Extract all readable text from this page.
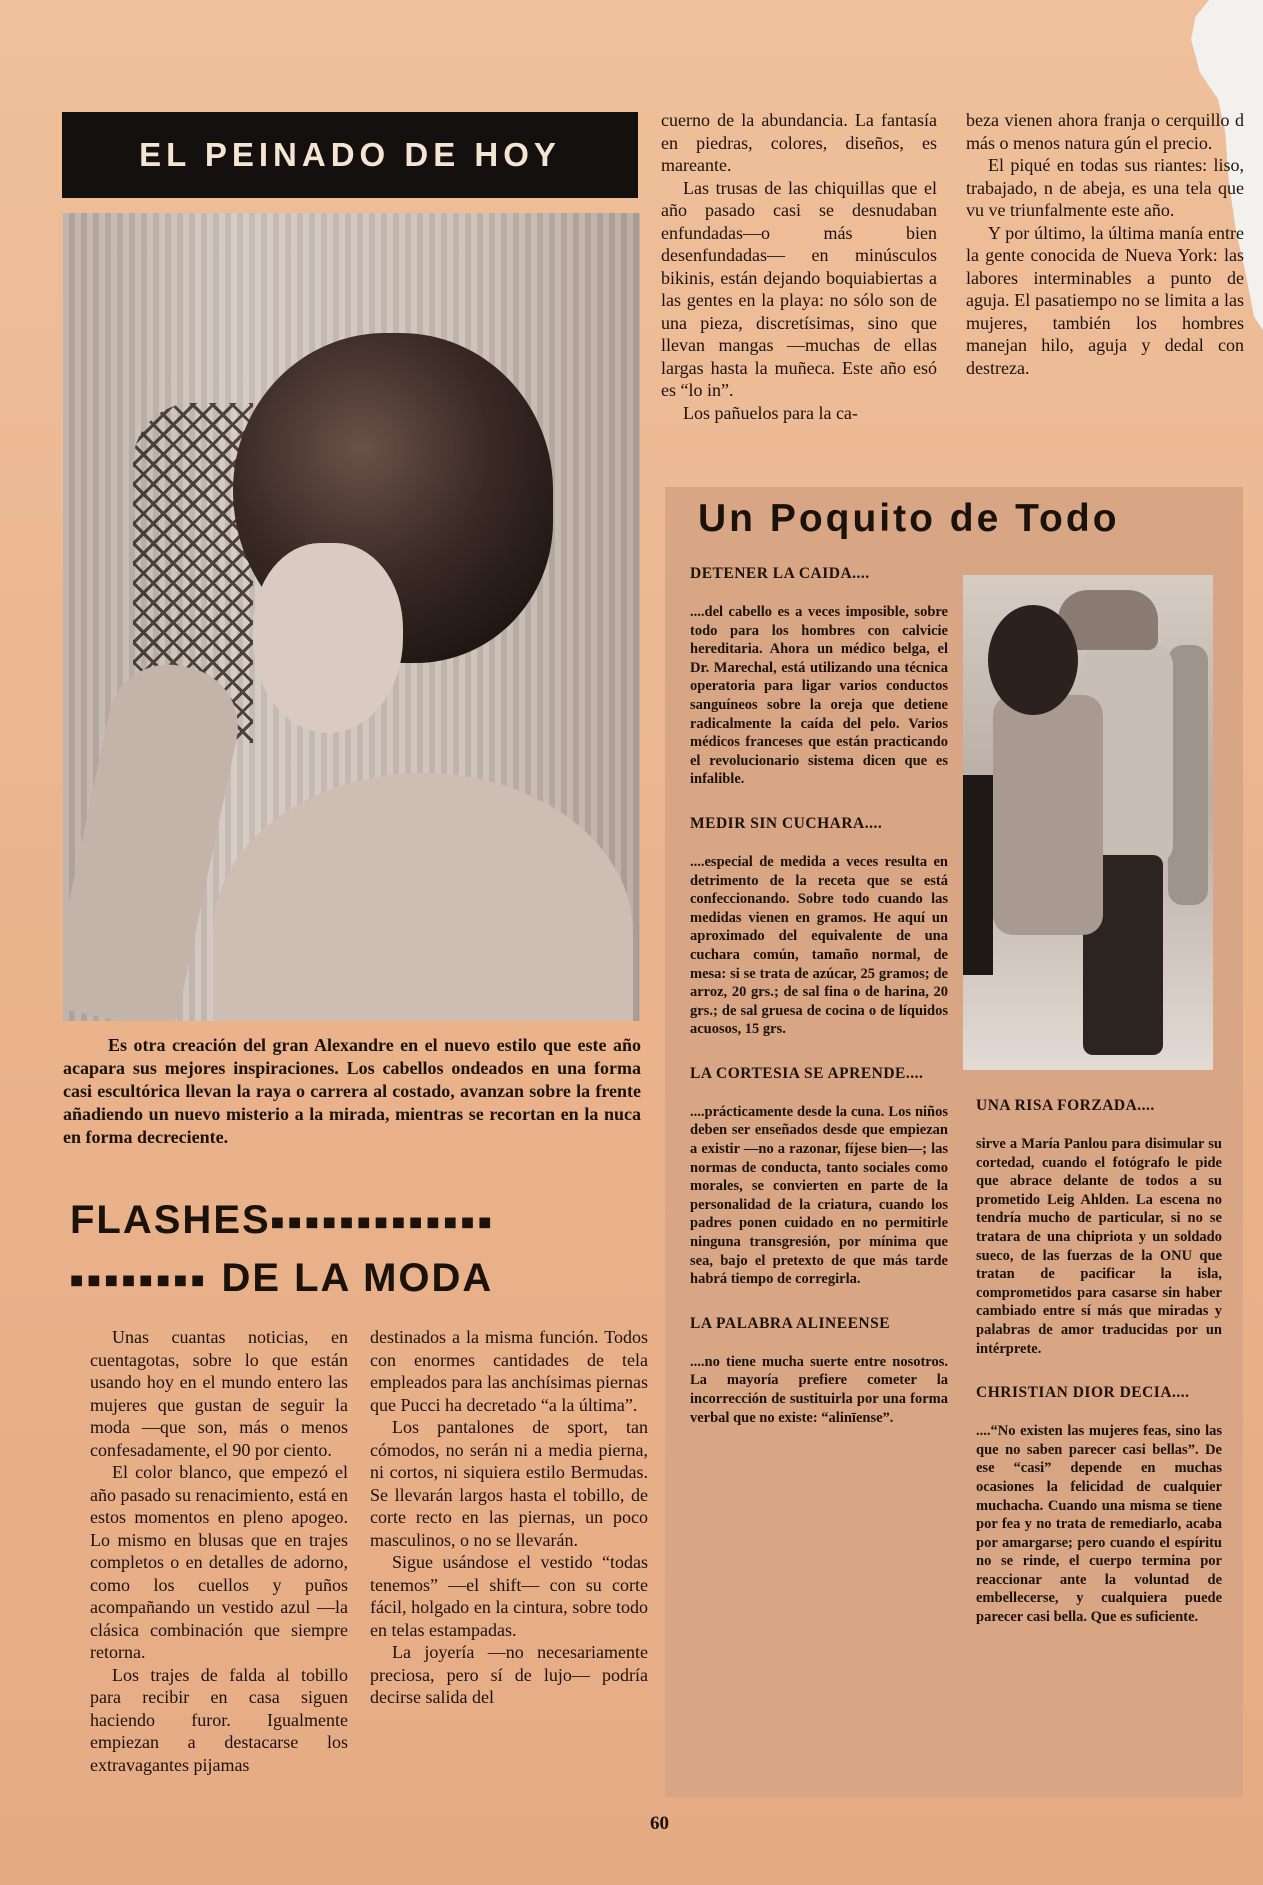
EL PEINADO DE HOY

Es otra creación del gran Alexandre en el nuevo estilo que este año acapara sus mejores inspiraciones. Los cabellos ondeados en una forma casi escultórica llevan la raya o carrera al costado, avanzan sobre la frente añadiendo un nuevo misterio a la mirada, mientras se recortan en la nuca en forma decreciente.

FLASHES■■■■■■■■■■■■■
■■■■■■■■ DE LA MODA

Unas cuantas noticias, en cuentagotas, sobre lo que están usando hoy en el mundo entero las mujeres que gustan de seguir la moda —que son, más o menos confesadamente, el 90 por ciento.

El color blanco, que empezó el año pasado su renacimiento, está en estos momentos en pleno apogeo. Lo mismo en blusas que en trajes completos o en detalles de adorno, como los cuellos y puños acompañando un vestido azul —la clásica combinación que siempre retorna.

Los trajes de falda al tobillo para recibir en casa siguen haciendo furor. Igualmente empiezan a destacarse los extravagantes pijamas

destinados a la misma función. Todos con enormes cantidades de tela empleados para las anchísimas piernas que Pucci ha decretado “a la última”.

Los pantalones de sport, tan cómodos, no serán ni a media pierna, ni cortos, ni siquiera estilo Bermudas. Se llevarán largos hasta el tobillo, de corte recto en las piernas, un poco masculinos, o no se llevarán.

Sigue usándose el vestido “todas tenemos” —el shift— con su corte fácil, holgado en la cintura, sobre todo en telas estampadas.

La joyería —no necesariamente preciosa, pero sí de lujo— podría decirse salida del

cuerno de la abundancia. La fantasía en piedras, colores, diseños, es mareante.

Las trusas de las chiquillas que el año pasado casi se desnudaban enfundadas—o más bien desenfundadas— en minúsculos bikinis, están dejando boquiabiertas a las gentes en la playa: no sólo son de una pieza, discretísimas, sino que llevan mangas —muchas de ellas largas hasta la muñeca. Este año esó es “lo in”.

Los pañuelos para la ca-

beza vienen ahora franja o cerquillo d más o menos natura gún el precio.

El piqué en todas sus riantes: liso, trabajado, n de abeja, es una tela que vu ve triunfalmente este año.

Y por último, la última manía entre la gente conocida de Nueva York: las labores interminables a punto de aguja. El pasatiempo no se limita a las mujeres, también los hombres manejan hilo, aguja y dedal con destreza.

Un Poquito de Todo
DETENER LA CAIDA....
....del cabello es a veces imposible, sobre todo para los hombres con calvicie hereditaria. Ahora un médico belga, el Dr. Marechal, está utilizando una técnica operatoria para ligar varios conductos sanguíneos sobre la oreja que detiene radicalmente la caída del pelo. Varios médicos franceses que están practicando el revolucionario sistema dicen que es infalible.
MEDIR SIN CUCHARA....
....especial de medida a veces resulta en detrimento de la receta que se está confeccionando. Sobre todo cuando las medidas vienen en gramos. He aquí un aproximado del equivalente de una cuchara común, tamaño normal, de mesa: si se trata de azúcar, 25 gramos; de arroz, 20 grs.; de sal fina o de harina, 20 grs.; de sal gruesa de cocina o de líquidos acuosos, 15 grs.
LA CORTESIA SE APRENDE....
....prácticamente desde la cuna. Los niños deben ser enseñados desde que empiezan a existir —no a razonar, fíjese bien—; las normas de conducta, tanto sociales como morales, se convierten en parte de la personalidad de la criatura, cuando los padres ponen cuidado en no permitirle ninguna transgresión, por mínima que sea, bajo el pretexto de que más tarde habrá tiempo de corregirla.
LA PALABRA ALINEENSE
....no tiene mucha suerte entre nosotros. La mayoría prefiere cometer la incorrección de sustituirla por una forma verbal que no existe: “alinīense”.
UNA RISA FORZADA....
sirve a María Panlou para disimular su cortedad, cuando el fotógrafo le pide que abrace delante de todos a su prometido Leig Ahlden. La escena no tendría mucho de particular, si no se tratara de una chipriota y un soldado sueco, de las fuerzas de la ONU que tratan de pacificar la isla, comprometidos para casarse sin haber cambiado entre sí más que miradas y palabras de amor traducidas por un intérprete.
CHRISTIAN DIOR DECIA....
....“No existen las mujeres feas, sino las que no saben parecer casi bellas”. De ese “casi” depende en muchas ocasiones la felicidad de cualquier muchacha. Cuando una misma se tiene por fea y no trata de remediarlo, acaba por amargarse; pero cuando el espíritu no se rinde, el cuerpo termina por reaccionar ante la voluntad de embellecerse, y cualquiera puede parecer casi bella. Que es suficiente.
60
